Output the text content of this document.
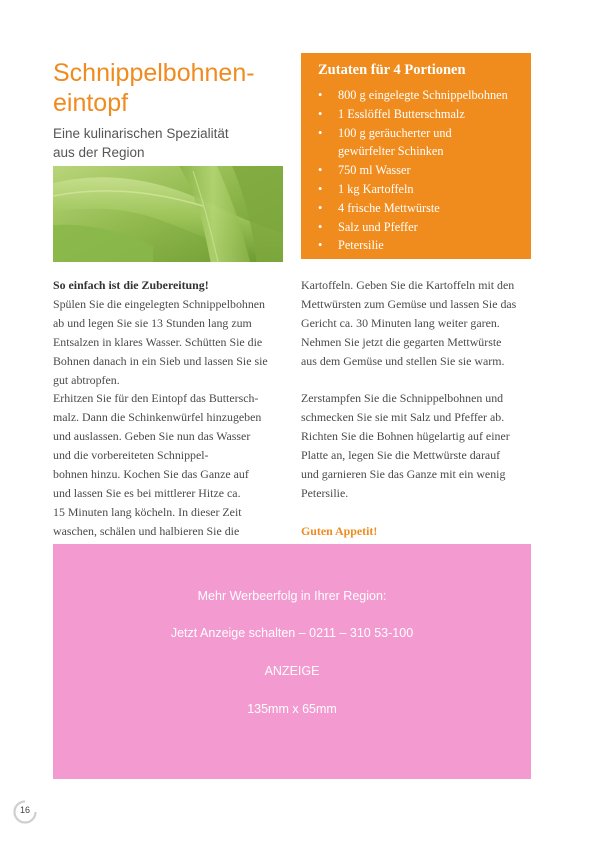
Schnippelbohnen-
eintopf

Eine kulinarischen Spezialität
aus der Region

Zutaten für 4 Portionen
• 800 g eingelegte Schnippelbohnen
• 1 Esslöffel Butterschmalz
• 100 g geräucherter und
gewürfelter Schinken
• 750 ml Wasser
• 1 kg Kartoffeln
• 4 frische Mettwürste
• Salz und Pfeffer
• Petersilie

So einfach ist die Zubereitung!

Spülen Sie die eingelegten Schnippelbohnen

ab und legen Sie sie 13 Stunden lang zum

Entsalzen in klares Wasser. Schütten Sie die

Bohnen danach in ein Sieb und lassen Sie sie

gut abtropfen.

Erhitzen Sie für den Eintopf das Buttersch-

malz. Dann die Schinkenwürfel hinzugeben

und auslassen. Geben Sie nun das Wasser

und die vorbereiteten Schnippel-

bohnen hinzu. Kochen Sie das Ganze auf

und lassen Sie es bei mittlerer Hitze ca.

15 Minuten lang köcheln. In dieser Zeit

waschen, schälen und halbieren Sie die

Kartoffeln. Geben Sie die Kartoffeln mit den

Mettwürsten zum Gemüse und lassen Sie das

Gericht ca. 30 Minuten lang weiter garen.

Nehmen Sie jetzt die gegarten Mettwürste

aus dem Gemüse und stellen Sie sie warm.

Zerstampfen Sie die Schnippelbohnen und

schmecken Sie sie mit Salz und Pfeffer ab.

Richten Sie die Bohnen hügelartig auf einer

Platte an, legen Sie die Mettwürste darauf

und garnieren Sie das Ganze mit ein wenig

Petersilie.

Guten Appetit!

Mehr Werbeerfolg in Ihrer Region:
Jetzt Anzeige schalten – 0211 – 310 53-100
ANZEIGE
135mm x 65mm
16
